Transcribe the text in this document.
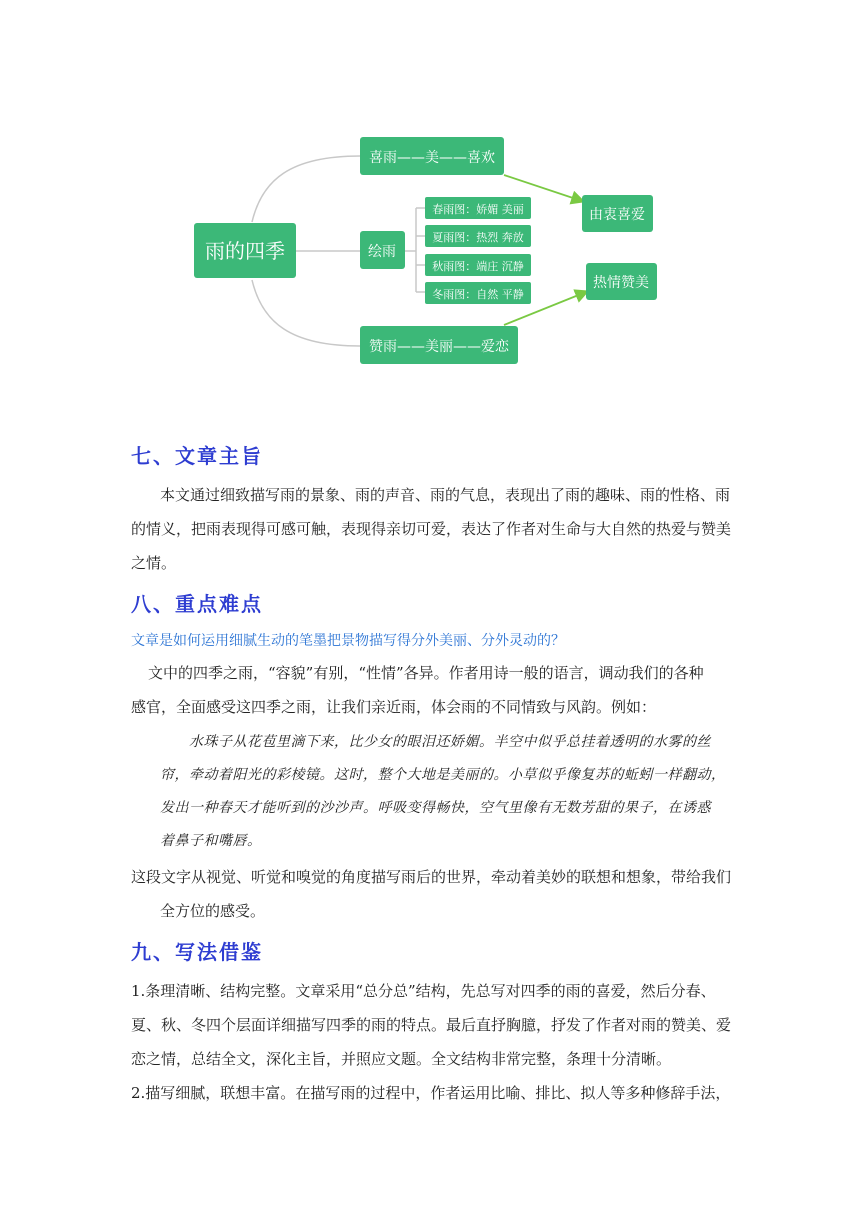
雨的四季
喜雨——美——喜欢
绘雨
春雨图：娇媚 美丽
夏雨图：热烈 奔放
秋雨图：端庄 沉静
冬雨图：自然 平静
赞雨——美丽——爱恋
由衷喜爱
热情赞美
七、文章主旨

本文通过细致描写雨的景象、雨的声音、雨的气息，表现出了雨的趣味、雨的性格、雨

的情义，把雨表现得可感可触，表现得亲切可爱，表达了作者对生命与大自然的热爱与赞美

之情。

八、重点难点

文章是如何运用细腻生动的笔墨把景物描写得分外美丽、分外灵动的？

文中的四季之雨，“容貌”有别，“性情”各异。作者用诗一般的语言，调动我们的各种

感官，全面感受这四季之雨，让我们亲近雨，体会雨的不同情致与风韵。例如：

水珠子从花苞里滴下来，比少女的眼泪还娇媚。半空中似乎总挂着透明的水雾的丝

帘，牵动着阳光的彩棱镜。这时，整个大地是美丽的。小草似乎像复苏的蚯蚓一样翻动，

发出一种春天才能听到的沙沙声。呼吸变得畅快，空气里像有无数芳甜的果子，在诱惑

着鼻子和嘴唇。

这段文字从视觉、听觉和嗅觉的角度描写雨后的世界，牵动着美妙的联想和想象，带给我们

全方位的感受。

九、写法借鉴

1.条理清晰、结构完整。文章采用“总分总”结构，先总写对四季的雨的喜爱，然后分春、

夏、秋、冬四个层面详细描写四季的雨的特点。最后直抒胸臆，抒发了作者对雨的赞美、爱

恋之情，总结全文，深化主旨，并照应文题。全文结构非常完整，条理十分清晰。

2.描写细腻，联想丰富。在描写雨的过程中，作者运用比喻、排比、拟人等多种修辞手法，
